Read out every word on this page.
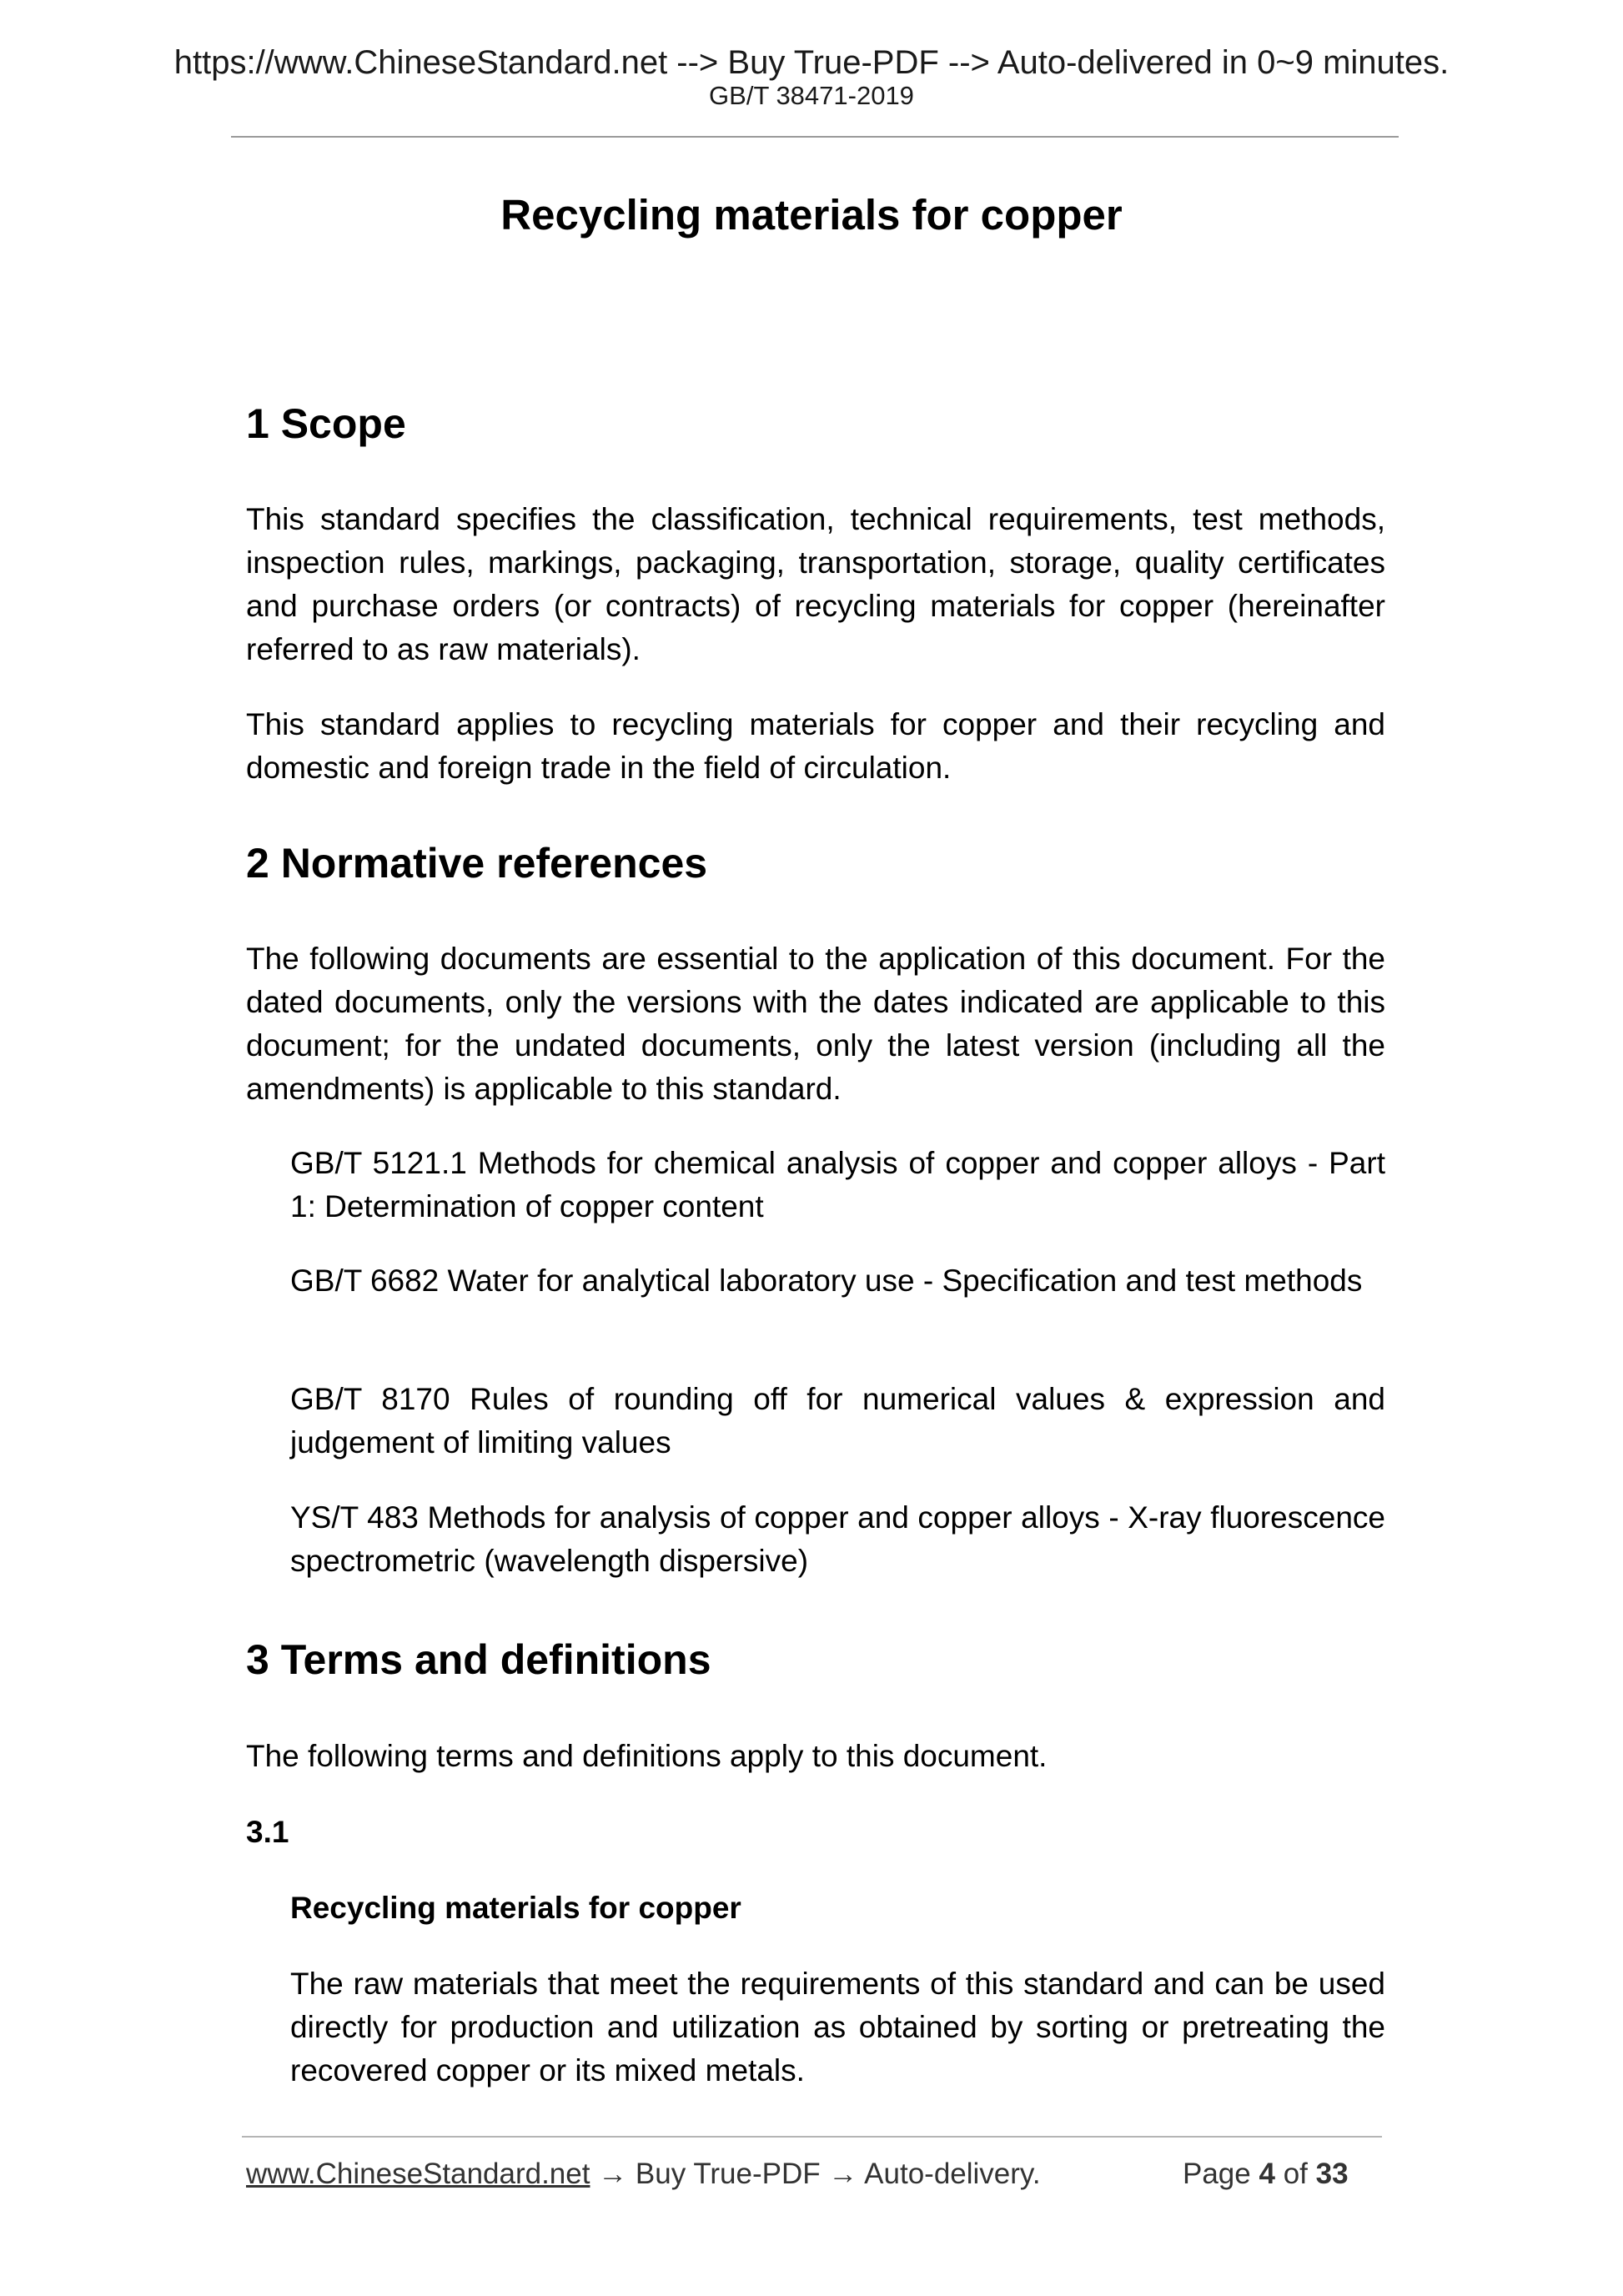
https://www.ChineseStandard.net --> Buy True-PDF --> Auto-delivered in 0~9 minutes.
GB/T 38471-2019
Recycling materials for copper
1 Scope

This standard specifies the classification, technical requirements, test methods, inspection rules, markings, packaging, transportation, storage, quality certificates and purchase orders (or contracts) of recycling materials for copper (hereinafter referred to as raw materials).

This standard applies to recycling materials for copper and their recycling and domestic and foreign trade in the field of circulation.

2 Normative references

The following documents are essential to the application of this document. For the dated documents, only the versions with the dates indicated are applicable to this document; for the undated documents, only the latest version (including all the amendments) is applicable to this standard.

GB/T 5121.1 Methods for chemical analysis of copper and copper alloys - Part 1: Determination of copper content

GB/T 6682 Water for analytical laboratory use - Specification and test methods

GB/T 8170 Rules of rounding off for numerical values & expression and judgement of limiting values

YS/T 483 Methods for analysis of copper and copper alloys - X-ray fluorescence spectrometric (wavelength dispersive)

3 Terms and definitions

The following terms and definitions apply to this document.

3.1
Recycling materials for copper

The raw materials that meet the requirements of this standard and can be used directly for production and utilization as obtained by sorting or pretreating the recovered copper or its mixed metals.

www.ChineseStandard.net → Buy True-PDF → Auto-delivery.	Page 4 of 33
